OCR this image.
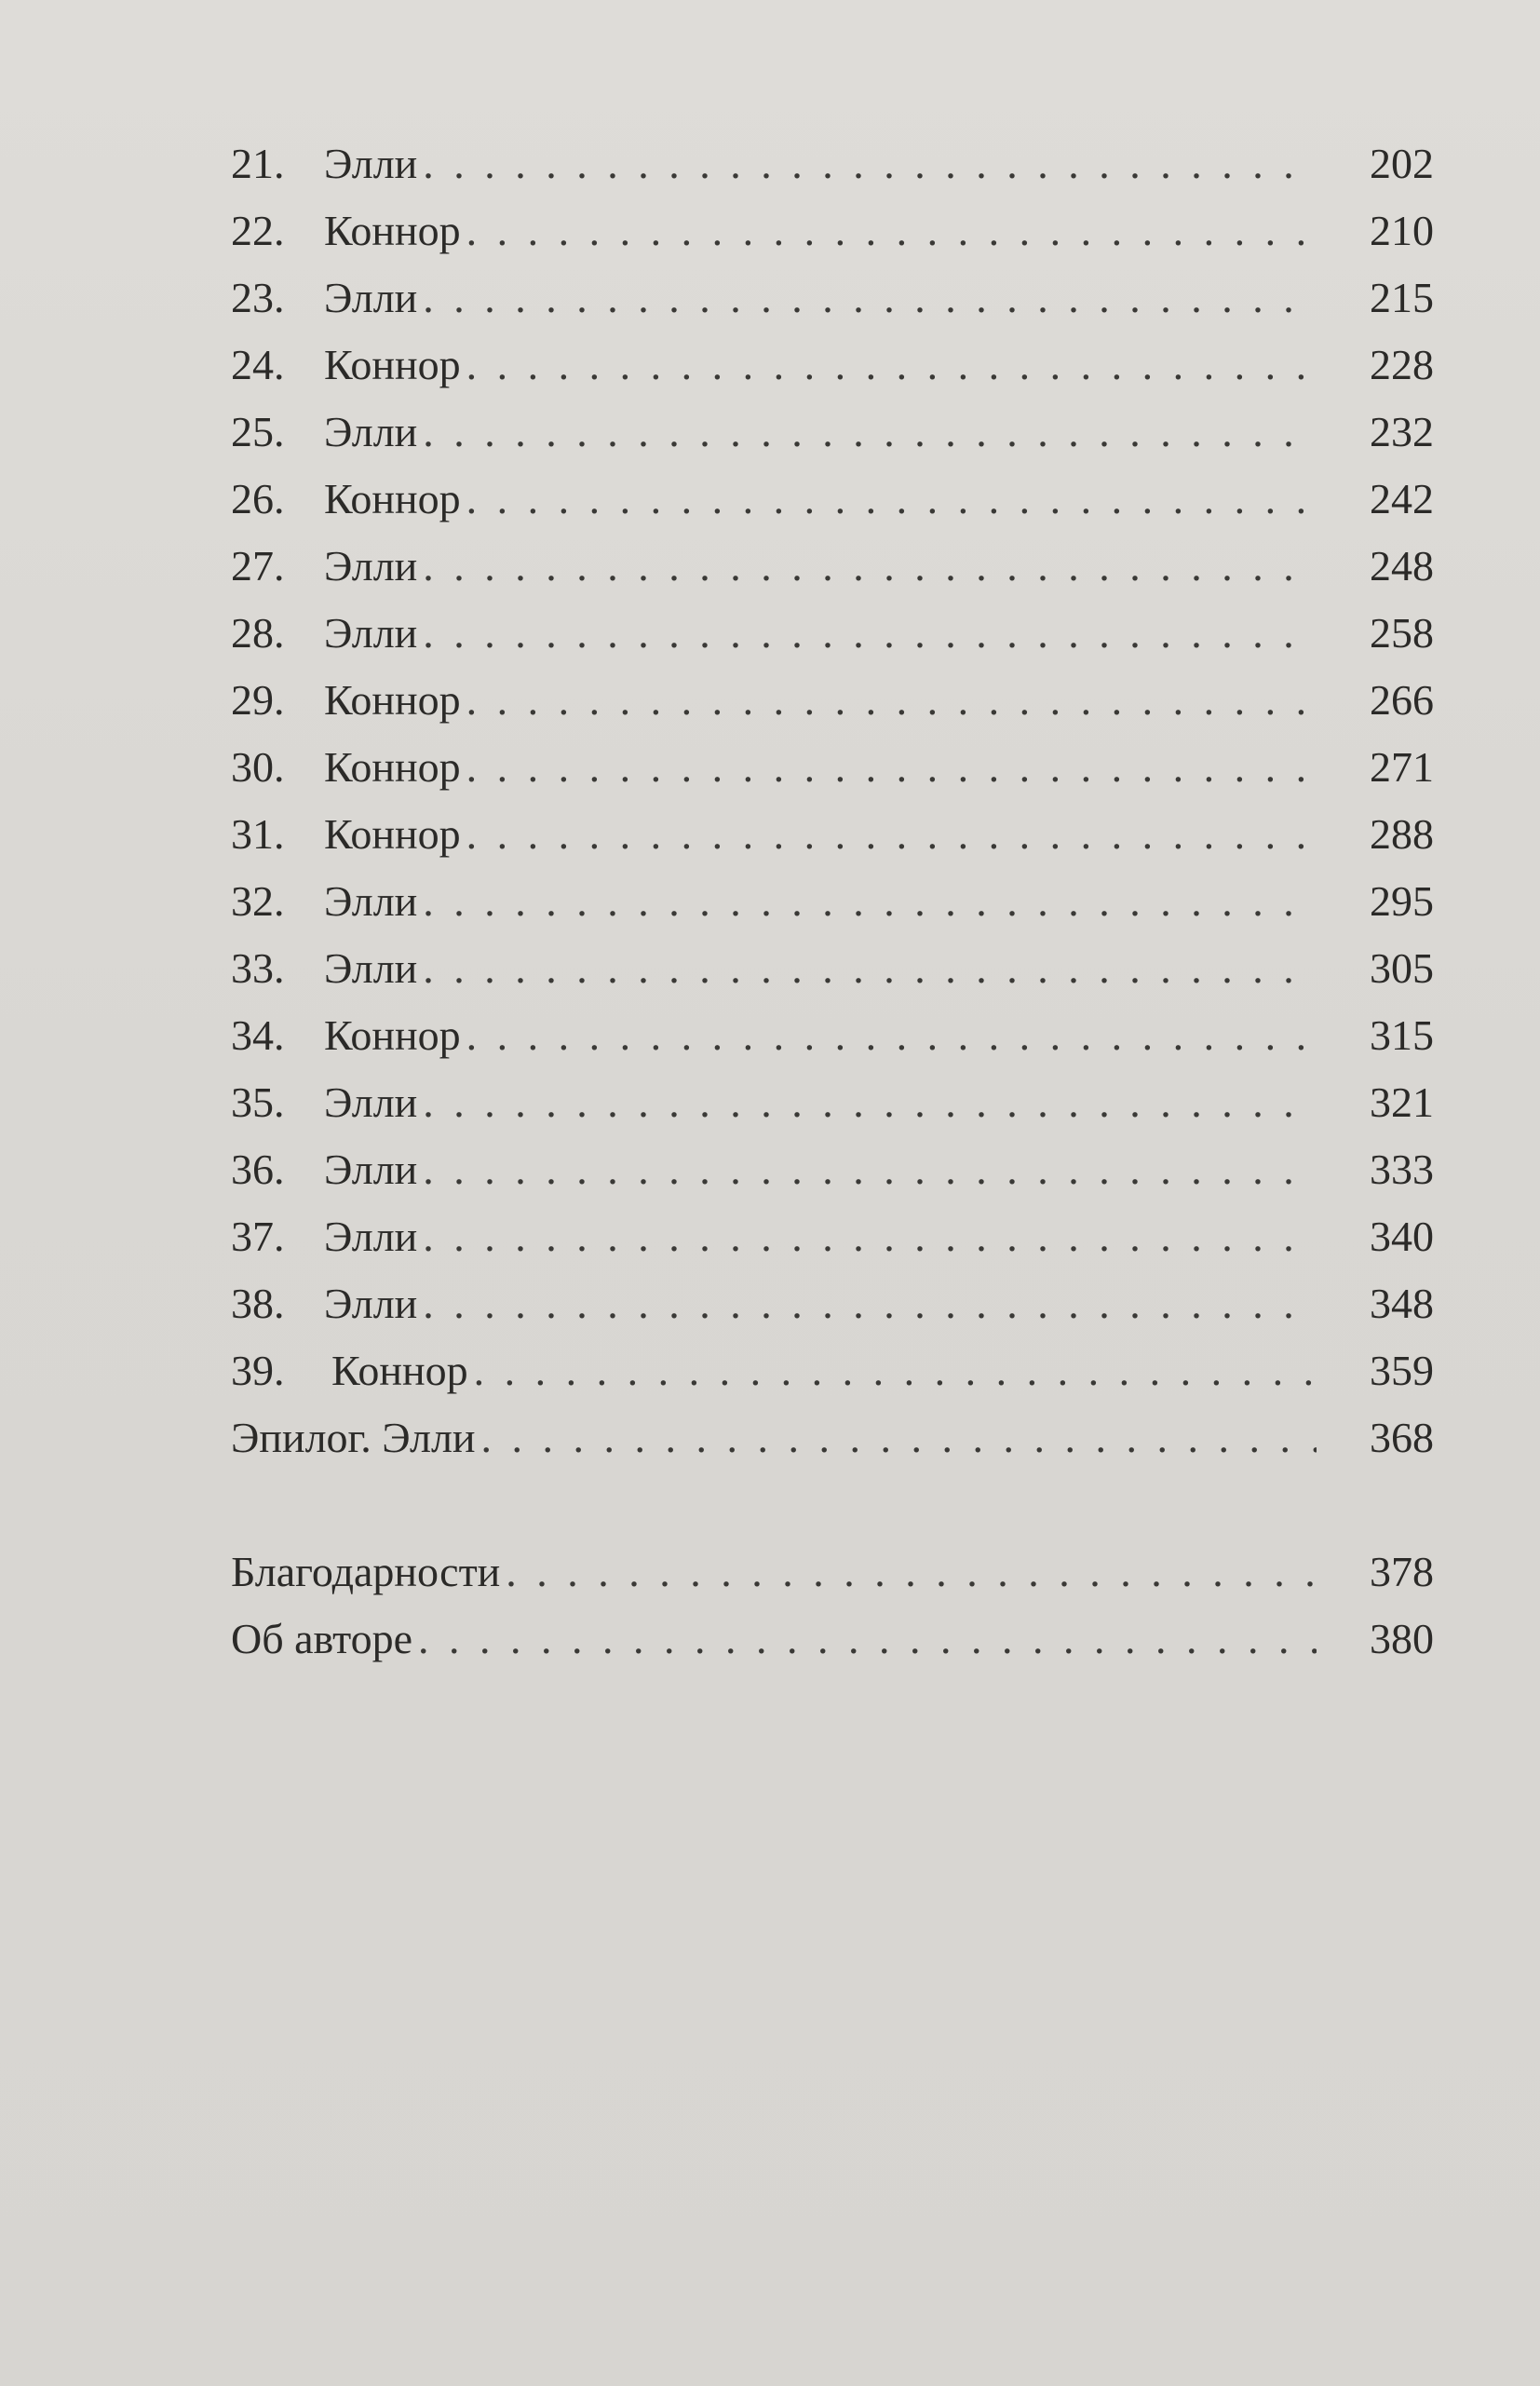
21. Элли . . .	202
22. Коннор . . .	210
23. Элли . . .	215
24. Коннор . . .	228
25. Элли . . .	232
26. Коннор . . .	242
27. Элли . . .	248
28. Элли . . .	258
29. Коннор . . .	266
30. Коннор . . .	271
31. Коннор . . .	288
32. Элли . . .	295
33. Элли . . .	305
34. Коннор . . .	315
35. Элли . . .	321
36. Элли . . .	333
37. Элли . . .	340
38. Элли . . .	348
39.	Коннор . . .	359
Эпилог. Элли . . .	368
Благодарности . . .	378
Об авторе . . .	380
